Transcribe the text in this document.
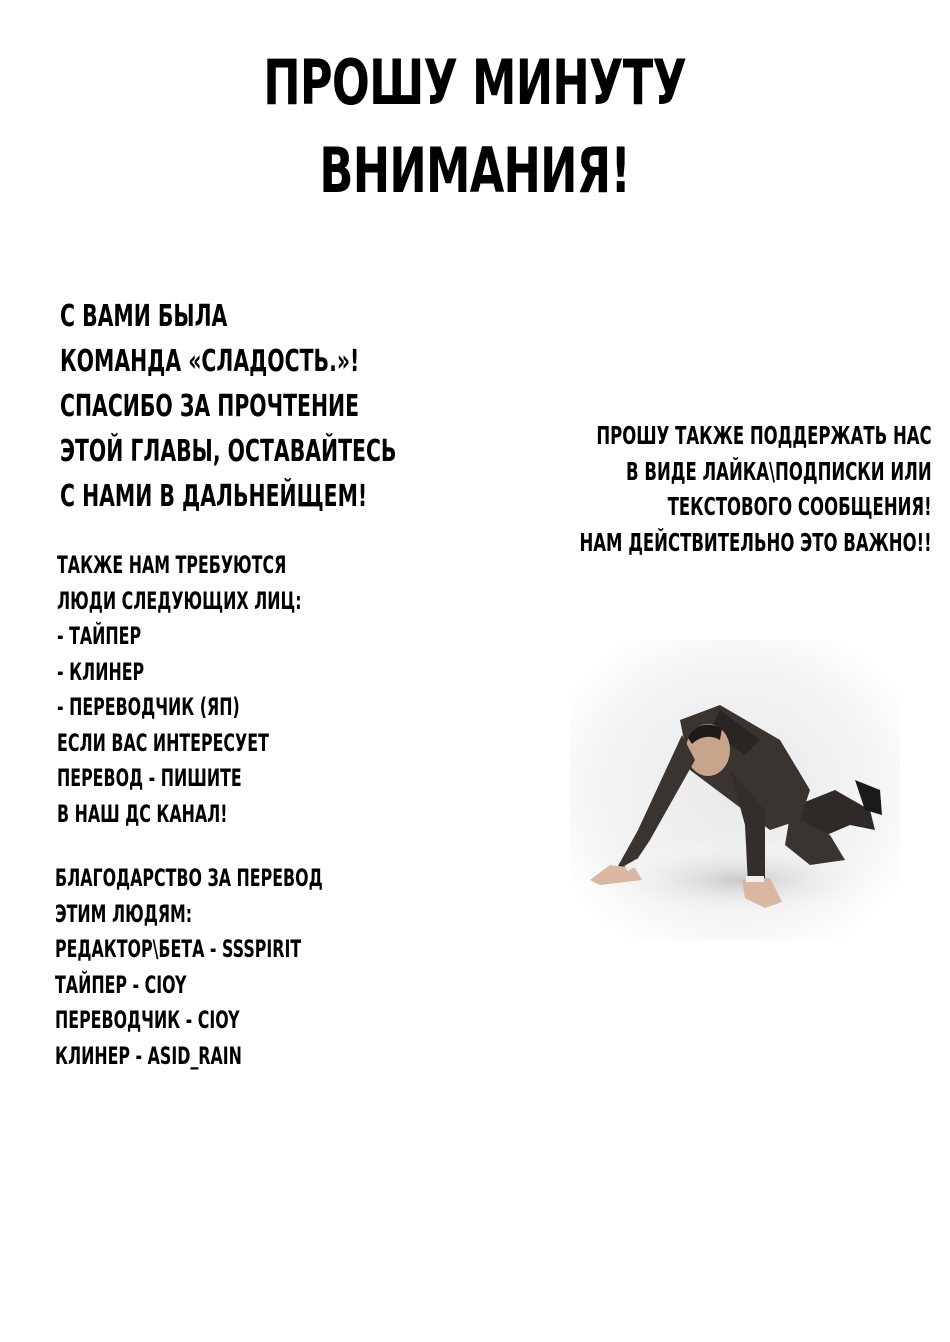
ПРОШУ МИНУТУ
ВНИМАНИЯ!
С ВАМИ БЫЛА
КОМАНДА «СЛАДОСТЬ.»!
СПАСИБО ЗА ПРОЧТЕНИЕ
ЭТОЙ ГЛАВЫ, ОСТАВАЙТЕСЬ
С НАМИ В ДАЛЬНЕЙЩЕМ!
ТАКЖЕ НАМ ТРЕБУЮТСЯ
ЛЮДИ СЛЕДУЮЩИХ ЛИЦ:
- ТАЙПЕР
- КЛИНЕР
- ПЕРЕВОДЧИК (ЯП)
ЕСЛИ ВАС ИНТЕРЕСУЕТ
ПЕРЕВОД - ПИШИТЕ
В НАШ ДС КАНАЛ!
БЛАГОДАРСТВО ЗА ПЕРЕВОД
ЭТИМ ЛЮДЯМ:
РЕДАКТОР\БЕТА - SSSPIRIT
ТАЙПЕР - CIOY
ПЕРЕВОДЧИК - CIOY
КЛИНЕР - ASID_RAIN
ПРОШУ ТАКЖЕ ПОДДЕРЖАТЬ НАС
В ВИДЕ ЛАЙКА\ПОДПИСКИ ИЛИ
ТЕКСТОВОГО СООБЩЕНИЯ!
НАМ ДЕЙСТВИТЕЛЬНО ЭТО ВАЖНО!!
